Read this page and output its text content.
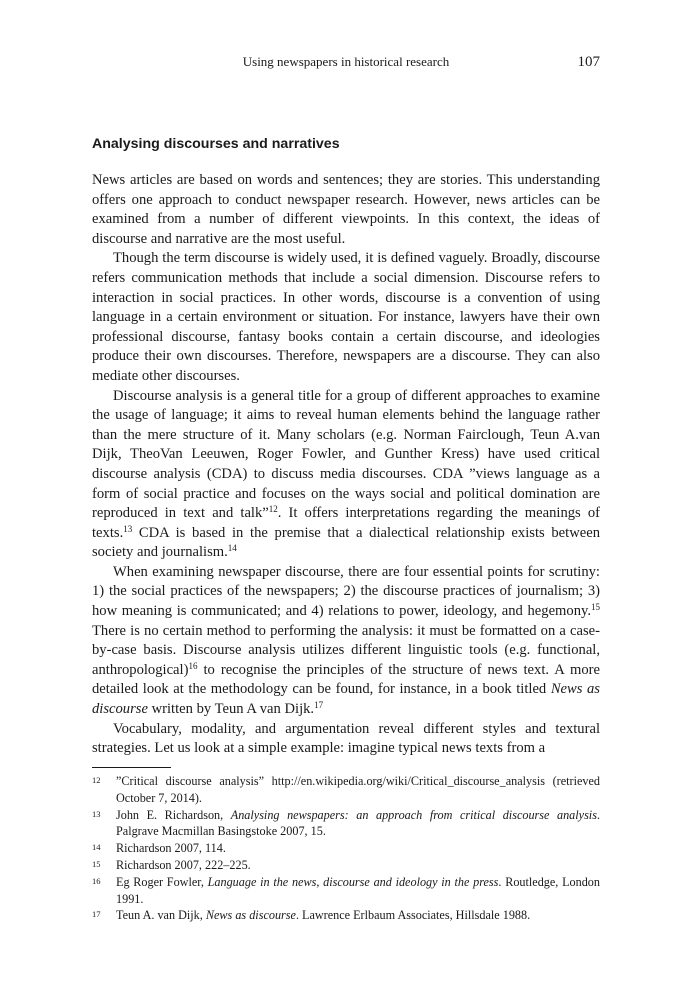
Using newspapers in historical research	107
Analysing discourses and narratives

News articles are based on words and sentences; they are stories. This understanding offers one approach to conduct newspaper research. However, news articles can be examined from a number of different viewpoints. In this context, the ideas of discourse and narrative are the most useful.

Though the term discourse is widely used, it is defined vaguely. Broadly, discourse refers communication methods that include a social dimension. Discourse refers to interaction in social practices. In other words, discourse is a convention of using language in a certain environment or situation. For instance, lawyers have their own professional discourse, fantasy books contain a certain discourse, and ideologies produce their own discourses. Therefore, newspapers are a discourse. They can also mediate other discourses.

Discourse analysis is a general title for a group of different approaches to examine the usage of language; it aims to reveal human elements behind the language rather than the mere structure of it. Many scholars (e.g. Norman Fairclough, Teun A.van Dijk, TheoVan Leeuwen, Roger Fowler, and Gunther Kress) have used critical discourse analysis (CDA) to discuss media discourses. CDA ”views language as a form of social practice and focuses on the ways social and political domination are reproduced in text and talk”$^{12}$. It offers interpretations regarding the meanings of texts.$^{13}$ CDA is based in the premise that a dialectical relationship exists between society and journalism.$^{14}$

When examining newspaper discourse, there are four essential points for scrutiny: 1) the social practices of the newspapers; 2) the discourse practices of journalism; 3) how meaning is communicated; and 4) relations to power, ideology, and hegemony.$^{15}$ There is no certain method to performing the analysis: it must be formatted on a case-by-case basis. Discourse analysis utilizes different linguistic tools (e.g. functional, anthropological)$^{16}$ to recognise the principles of the structure of news text. A more detailed look at the methodology can be found, for instance, in a book titled News as discourse written by Teun A van Dijk.$^{17}$

Vocabulary, modality, and argumentation reveal different styles and textural strategies. Let us look at a simple example: imagine typical news texts from a

12	”Critical discourse analysis” http://en.wikipedia.org/wiki/Critical_discourse_analysis (retrieved October 7, 2014).
13	John E. Richardson, Analysing newspapers: an approach from critical discourse analysis. Palgrave Macmillan Basingstoke 2007, 15.
14	Richardson 2007, 114.
15	Richardson 2007, 222–225.
16	Eg Roger Fowler, Language in the news, discourse and ideology in the press. Routledge, London 1991.
17	Teun A. van Dijk, News as discourse. Lawrence Erlbaum Associates, Hillsdale 1988.
